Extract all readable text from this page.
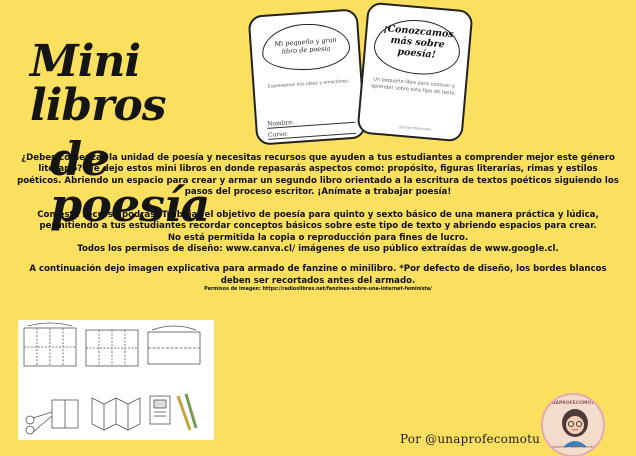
Mini libros
de poesía
Mi pequeño y gran libro de poesía
Expresemos mis ideas y emociones.
Nombre:
Curso:
¡Conozcamos más sobre poesía!
Un pequeño libro para conocer y aprender sobre este tipo de texto.
@unaprofecomotu

¿Debes comenzar la unidad de poesía y necesitas recursos que ayuden a tus estudiantes a comprender mejor este género literario? ¡Te dejo estos mini libros en donde repasarás aspectos como: propósito, figuras literarias, rimas y estilos poéticos. Abriendo un espacio para crear y armar un segundo libro orientado a la escritura de textos poéticos siguiendo los pasos del proceso escritor. ¡Anímate a trabajar poesía!

Con este recurso podrás: Trabajar el objetivo de poesía para quinto y sexto básico de una manera práctica y lúdica, permitiendo a tus estudiantes recordar conceptos básicos sobre este tipo de texto y abriendo espacios para crear.

No está permitida la copia o reproducción para fines de lucro.

Todos los permisos de diseño: www.canva.cl/ imágenes de uso público extraídas de www.google.cl.

A continuación dejo imagen explicativa para armado de fanzine o minilibro. *Por defecto de diseño, los bordes blancos deben ser recortados antes del armado.

Permisos de imagen: https://radioslibres.net/fanzines-sobre-una-internet-feminista/

Por @unaprofecomotu
UNAPROFECOMOTU
Aprender para educar
